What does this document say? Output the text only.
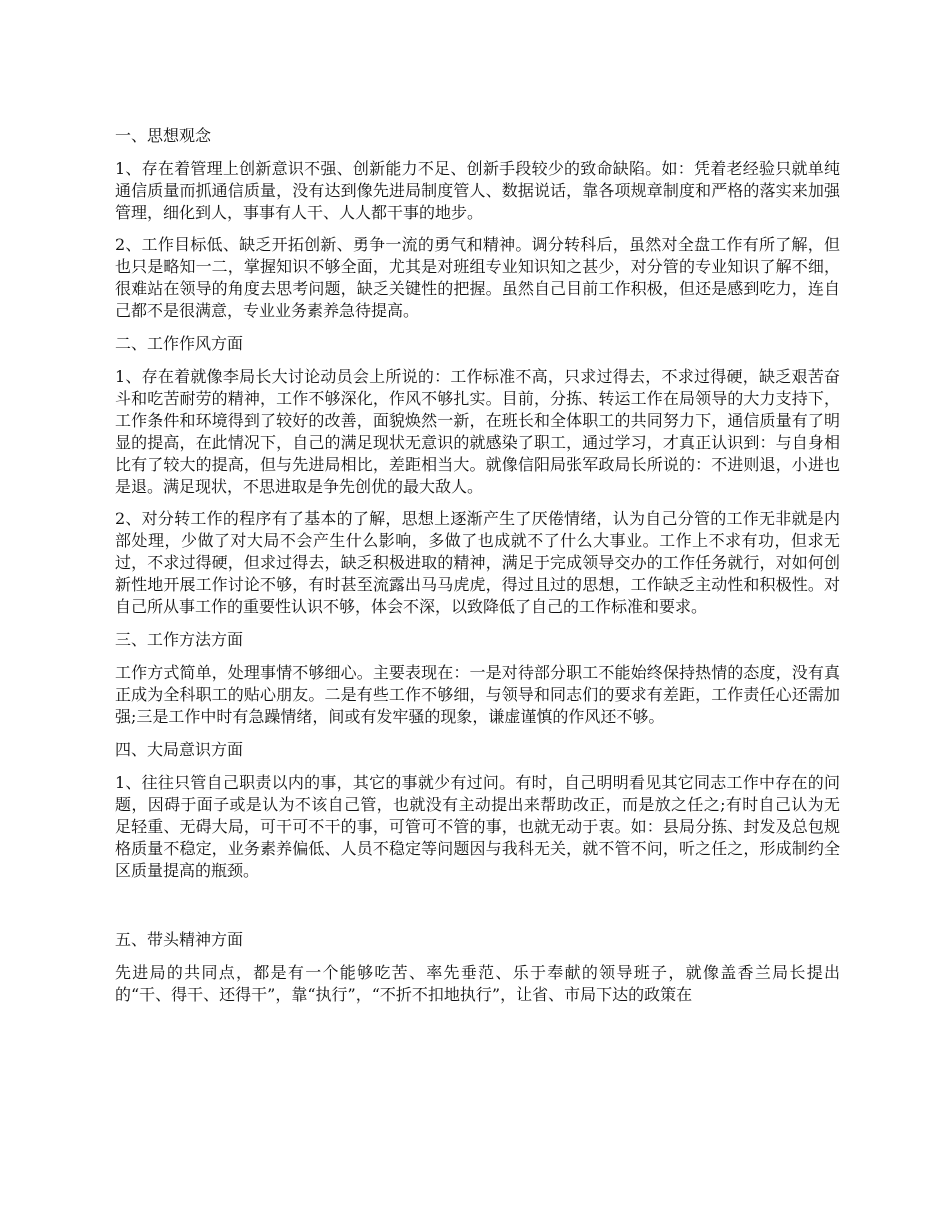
一、思想观念

1、存在着管理上创新意识不强、创新能力不足、创新手段较少的致命缺陷。如：凭着老经验只就单纯通信质量而抓通信质量，没有达到像先进局制度管人、数据说话，靠各项规章制度和严格的落实来加强管理，细化到人，事事有人干、人人都干事的地步。

2、工作目标低、缺乏开拓创新、勇争一流的勇气和精神。调分转科后，虽然对全盘工作有所了解，但也只是略知一二，掌握知识不够全面，尤其是对班组专业知识知之甚少，对分管的专业知识了解不细，很难站在领导的角度去思考问题，缺乏关键性的把握。虽然自己目前工作积极，但还是感到吃力，连自己都不是很满意，专业业务素养急待提高。

二、工作作风方面

1、存在着就像李局长大讨论动员会上所说的：工作标准不高，只求过得去，不求过得硬，缺乏艰苦奋斗和吃苦耐劳的精神，工作不够深化，作风不够扎实。目前，分拣、转运工作在局领导的大力支持下，工作条件和环境得到了较好的改善，面貌焕然一新，在班长和全体职工的共同努力下，通信质量有了明显的提高，在此情况下，自己的满足现状无意识的就感染了职工，通过学习，才真正认识到：与自身相比有了较大的提高，但与先进局相比，差距相当大。就像信阳局张军政局长所说的：不进则退，小进也是退。满足现状，不思进取是争先创优的最大敌人。

2、对分转工作的程序有了基本的了解，思想上逐渐产生了厌倦情绪，认为自己分管的工作无非就是内部处理，少做了对大局不会产生什么影响，多做了也成就不了什么大事业。工作上不求有功，但求无过，不求过得硬，但求过得去，缺乏积极进取的精神，满足于完成领导交办的工作任务就行，对如何创新性地开展工作讨论不够，有时甚至流露出马马虎虎，得过且过的思想，工作缺乏主动性和积极性。对自己所从事工作的重要性认识不够，体会不深，以致降低了自己的工作标准和要求。

三、工作方法方面

工作方式简单，处理事情不够细心。主要表现在：一是对待部分职工不能始终保持热情的态度，没有真正成为全科职工的贴心朋友。二是有些工作不够细，与领导和同志们的要求有差距，工作责任心还需加强;三是工作中时有急躁情绪，间或有发牢骚的现象，谦虚谨慎的作风还不够。

四、大局意识方面

1、往往只管自己职责以内的事，其它的事就少有过问。有时，自己明明看见其它同志工作中存在的问题，因碍于面子或是认为不该自己管，也就没有主动提出来帮助改正，而是放之任之;有时自己认为无足轻重、无碍大局，可干可不干的事，可管可不管的事，也就无动于衷。如：县局分拣、封发及总包规格质量不稳定，业务素养偏低、人员不稳定等问题因与我科无关，就不管不问，听之任之，形成制约全区质量提高的瓶颈。

五、带头精神方面

先进局的共同点，都是有一个能够吃苦、率先垂范、乐于奉献的领导班子，就像盖香兰局长提出的“干、得干、还得干”，靠“执行”，“不折不扣地执行”，让省、市局下达的政策在
